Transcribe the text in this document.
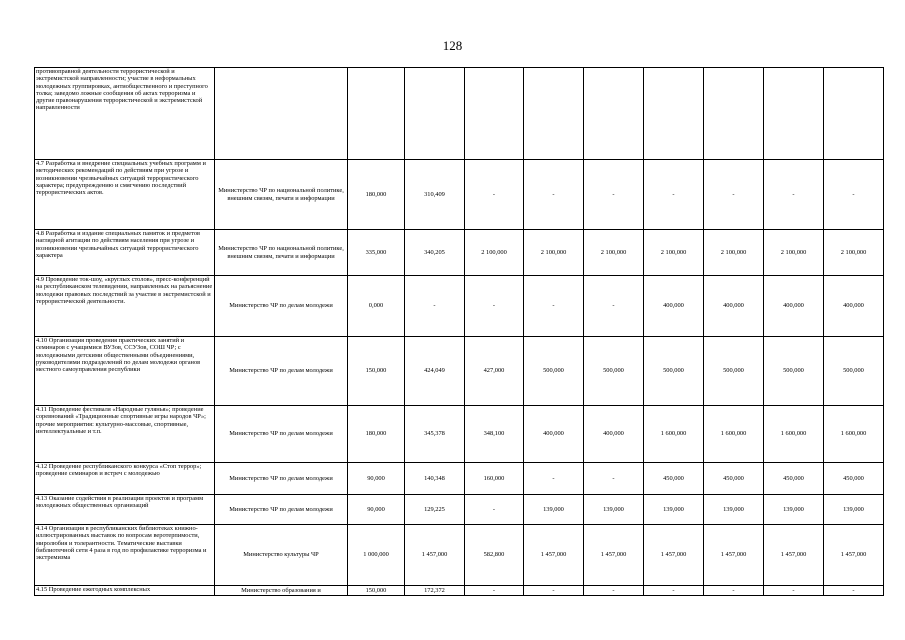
128
противоправной деятельности террористической и экстремистской направленности; участие в неформальных молодежных группировках, антиобщественного и преступного толка; заведомо ложные сообщения об актах терроризма и другие правонарушения террористической и экстремистской направленности										
4.7 Разработка и внедрение специальных учебных программ и методических рекомендаций по действиям при угрозе и возникновении чрезвычайных ситуаций террористического характера; предупреждению и смягчению последствий террористических актов.	Министерство ЧР по национальной политике, внешним связям, печати и информации	180,000	310,409	-	-	-	-	-	-	-
4.8 Разработка и издание специальных памяток и предметов наглядной агитации по действиям населения при угрозе и возникновении чрезвычайных ситуаций террористического характера	Министерство ЧР по национальной политике, внешним связям, печати и информации	335,000	340,205	2 100,000	2 100,000	2 100,000	2 100,000	2 100,000	2 100,000	2 100,000
4.9 Проведение ток-шоу, «круглых столов», пресс-конференций на республиканском телевидении, направленных на разъяснение молодежи правовых последствий за участие в экстремистской и террористической деятельности.	Министерство ЧР по делам молодежи	0,000	-	-	-	-	400,000	400,000	400,000	400,000
4.10 Организация проведения практических занятий и семинаров с учащимися ВУЗов, ССУЗов, СОШ ЧР; с молодежными детскими общественными объединениями, руководителями подразделений по делам молодежи органов местного самоуправления республики	Министерство ЧР по делам молодежи	150,000	424,049	427,000	500,000	500,000	500,000	500,000	500,000	500,000
4.11 Проведение фестиваля «Народные гулянья»; проведение соревнований «Традиционные спортивные игры народов ЧР»; прочие мероприятия: культурно-массовые, спортивные, интеллектуальные и т.п.	Министерство ЧР по делам молодежи	180,000	345,378	348,100	400,000	400,000	1 600,000	1 600,000	1 600,000	1 600,000
4.12 Проведение республиканского конкурса «Стоп террор»; проведение семинаров и встреч с молодежью	Министерство ЧР по делам молодежи	90,000	140,348	160,000	-	-	450,000	450,000	450,000	450,000
4.13 Оказание содействия в реализации проектов и программ молодежных общественных организаций	Министерство ЧР по делам молодежи	90,000	129,225	-	139,000	139,000	139,000	139,000	139,000	139,000
4.14 Организация в республиканских библиотеках книжно-иллюстрированных выставок по вопросам веротерпимости, миролюбия и толерантности. Тематические выставки библиотечной сети 4 раза в год по профилактике терроризма и экстремизма	Министерство культуры ЧР	1 000,000	1 457,000	582,800	1 457,000	1 457,000	1 457,000	1 457,000	1 457,000	1 457,000
4.15 Проведение ежегодных комплексных	Министерство образования и	150,000	172,372	-	-	-	-	-	-	-
